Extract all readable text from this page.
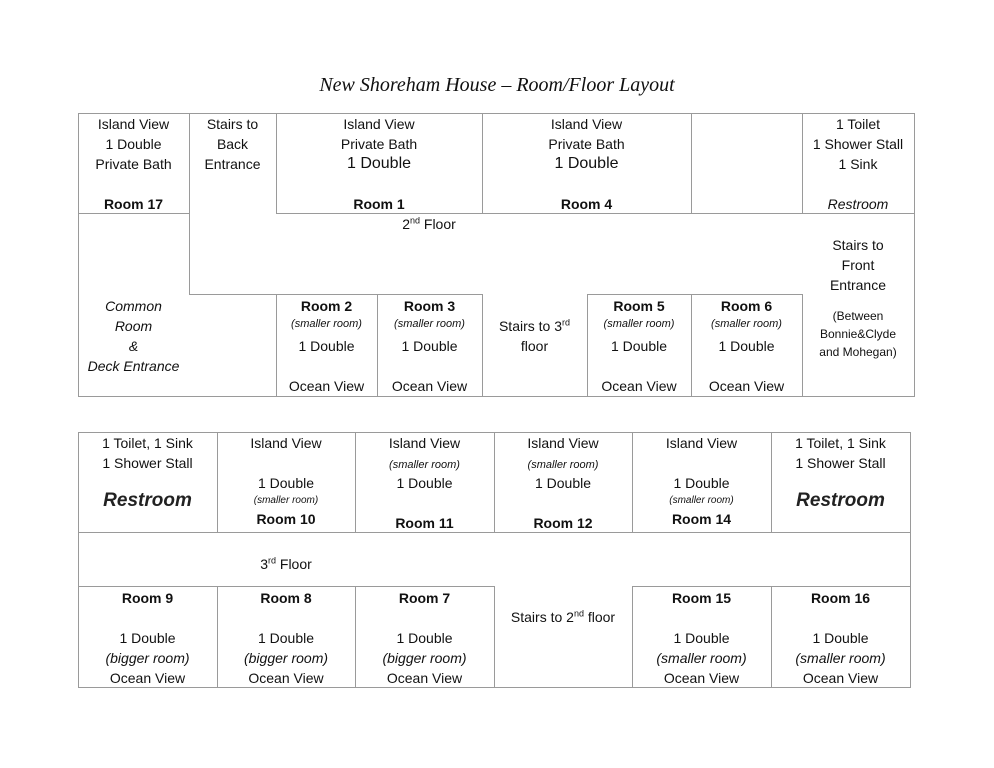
New Shoreham House – Room/Floor Layout
Island View
1 Double
Private Bath
Room 17
Stairs to
Back
Entrance
Island View
Private Bath
1 Double
Room 1
Island View
Private Bath
1 Double
Room 4
1 Toilet
1 Shower Stall
1 Sink
Restroom
2nd Floor
Common
Room
&
Deck Entrance
Stairs to
Front
Entrance
(Between
Bonnie&Clyde
and Mohegan)
Room 2
(smaller room)
1 Double
Ocean View
Room 3
(smaller room)
1 Double
Ocean View
Stairs to 3rd
floor
Room 5
(smaller room)
1 Double
Ocean View
Room 6
(smaller room)
1 Double
Ocean View
1 Toilet, 1 Sink
1 Shower Stall
Restroom
Island View
1 Double
(smaller room)
Room 10
Island View
(smaller room)
1 Double
Room 11
Island View
(smaller room)
1 Double
Room 12
Island View
1 Double
(smaller room)
Room 14
1 Toilet, 1 Sink
1 Shower Stall
Restroom
3rd Floor
Room 9
1 Double
(bigger room)
Ocean View
Room 8
1 Double
(bigger room)
Ocean View
Room 7
1 Double
(bigger room)
Ocean View
Stairs to 2nd floor
Room 15
1 Double
(smaller room)
Ocean View
Room 16
1 Double
(smaller room)
Ocean View
